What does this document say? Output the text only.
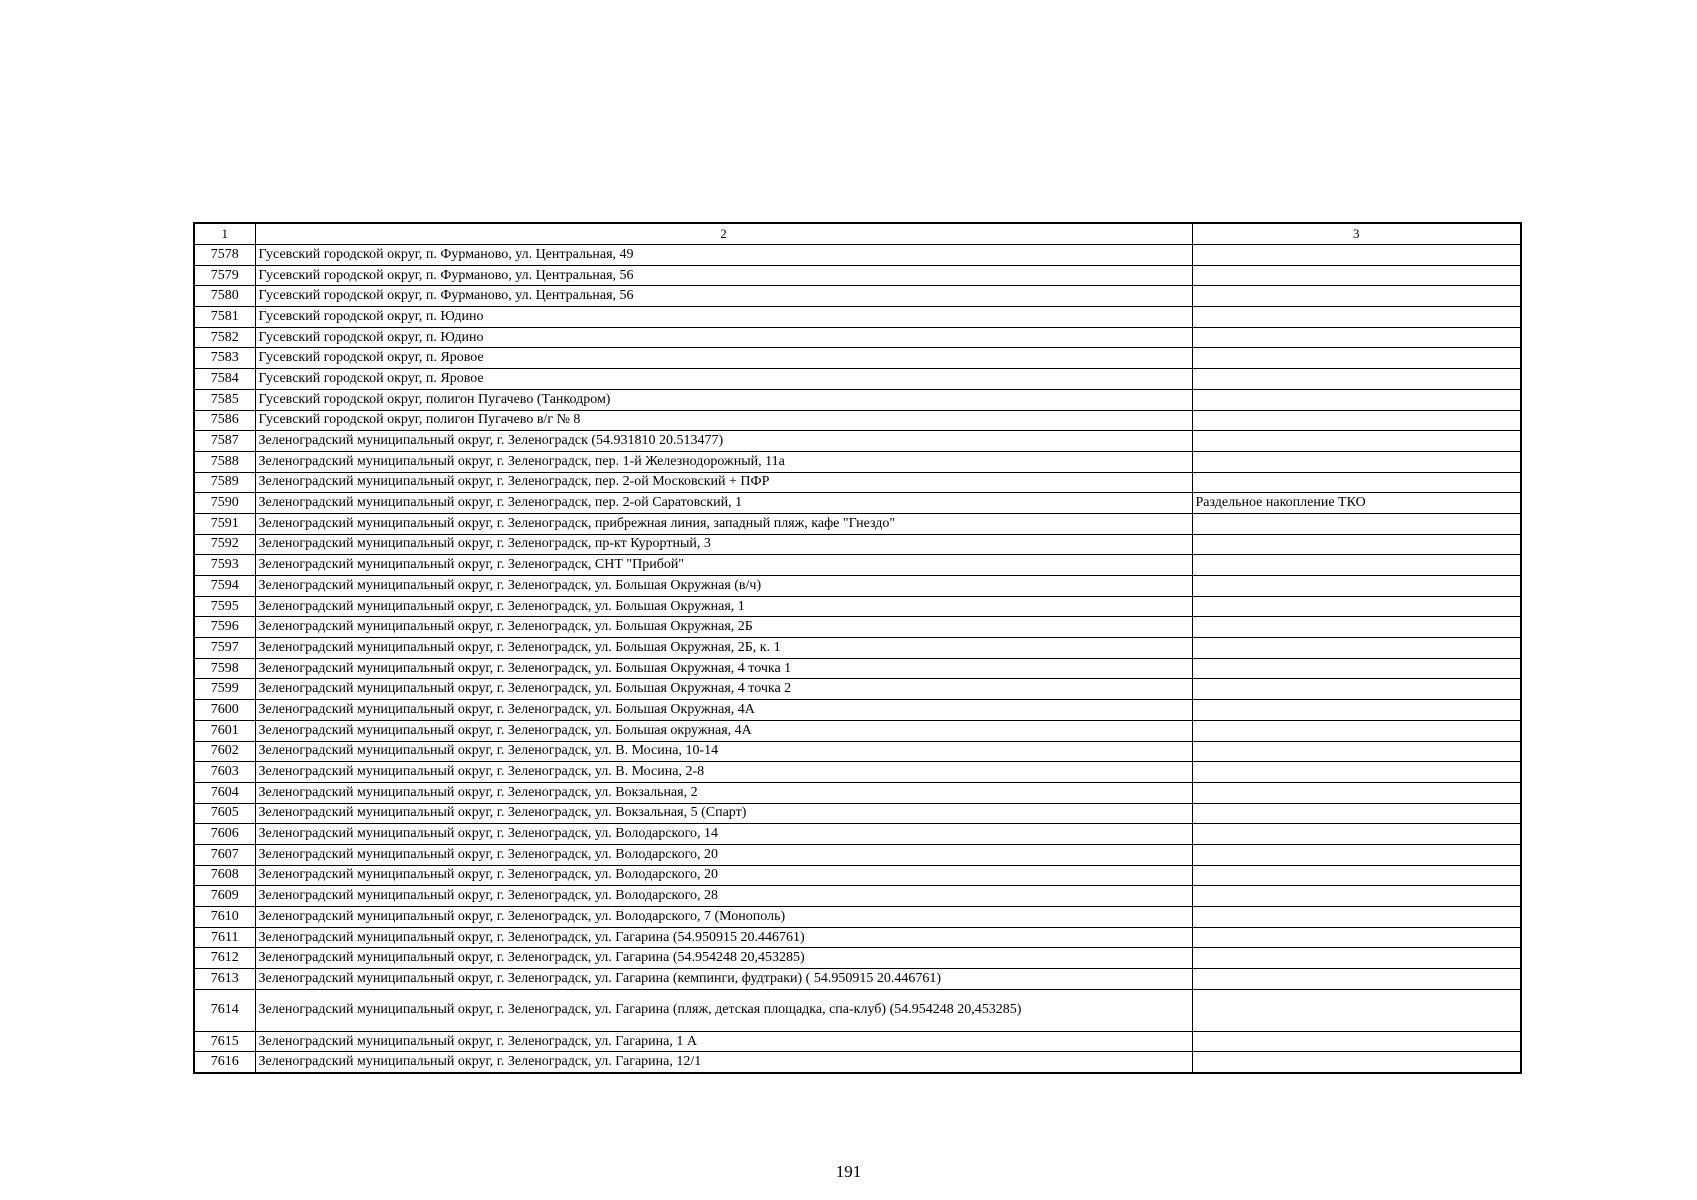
1	2	3
7578	Гусевский городской округ, п. Фурманово, ул. Центральная, 49	
7579	Гусевский городской округ, п. Фурманово, ул. Центральная, 56	
7580	Гусевский городской округ, п. Фурманово, ул. Центральная, 56	
7581	Гусевский городской округ, п. Юдино	
7582	Гусевский городской округ, п. Юдино	
7583	Гусевский городской округ, п. Яровое	
7584	Гусевский городской округ, п. Яровое	
7585	Гусевский городской округ, полигон Пугачево (Танкодром)	
7586	Гусевский городской округ, полигон Пугачево в/г № 8	
7587	Зеленоградский муниципальный округ, г. Зеленоградск (54.931810 20.513477)	
7588	Зеленоградский муниципальный округ, г. Зеленоградск, пер. 1-й Железнодорожный, 11а	
7589	Зеленоградский муниципальный округ, г. Зеленоградск, пер. 2-ой Московский + ПФР	
7590	Зеленоградский муниципальный округ, г. Зеленоградск, пер. 2-ой Саратовский, 1	Раздельное накопление ТКО
7591	Зеленоградский муниципальный округ, г. Зеленоградск, прибрежная линия, западный пляж, кафе "Гнездо"	
7592	Зеленоградский муниципальный округ, г. Зеленоградск, пр-кт Курортный, 3	
7593	Зеленоградский муниципальный округ, г. Зеленоградск, СНТ "Прибой"	
7594	Зеленоградский муниципальный округ, г. Зеленоградск, ул. Большая Окружная (в/ч)	
7595	Зеленоградский муниципальный округ, г. Зеленоградск, ул. Большая Окружная, 1	
7596	Зеленоградский муниципальный округ, г. Зеленоградск, ул. Большая Окружная, 2Б	
7597	Зеленоградский муниципальный округ, г. Зеленоградск, ул. Большая Окружная, 2Б, к. 1	
7598	Зеленоградский муниципальный округ, г. Зеленоградск, ул. Большая Окружная, 4 точка 1	
7599	Зеленоградский муниципальный округ, г. Зеленоградск, ул. Большая Окружная, 4 точка 2	
7600	Зеленоградский муниципальный округ, г. Зеленоградск, ул. Большая Окружная, 4А	
7601	Зеленоградский муниципальный округ, г. Зеленоградск, ул. Большая окружная, 4А	
7602	Зеленоградский муниципальный округ, г. Зеленоградск, ул. В. Мосина, 10-14	
7603	Зеленоградский муниципальный округ, г. Зеленоградск, ул. В. Мосина, 2-8	
7604	Зеленоградский муниципальный округ, г. Зеленоградск, ул. Вокзальная, 2	
7605	Зеленоградский муниципальный округ, г. Зеленоградск, ул. Вокзальная, 5 (Спарт)	
7606	Зеленоградский муниципальный округ, г. Зеленоградск, ул. Володарского, 14	
7607	Зеленоградский муниципальный округ, г. Зеленоградск, ул. Володарского, 20	
7608	Зеленоградский муниципальный округ, г. Зеленоградск, ул. Володарского, 20	
7609	Зеленоградский муниципальный округ, г. Зеленоградск, ул. Володарского, 28	
7610	Зеленоградский муниципальный округ, г. Зеленоградск, ул. Володарского, 7 (Монополь)	
7611	Зеленоградский муниципальный округ, г. Зеленоградск, ул. Гагарина (54.950915 20.446761)	
7612	Зеленоградский муниципальный округ, г. Зеленоградск, ул. Гагарина (54.954248 20,453285)	
7613	Зеленоградский муниципальный округ, г. Зеленоградск, ул. Гагарина (кемпинги, фудтраки) ( 54.950915 20.446761)	
7614	Зеленоградский муниципальный округ, г. Зеленоградск, ул. Гагарина (пляж, детская площадка, спа-клуб) (54.954248 20,453285)	
7615	Зеленоградский муниципальный округ, г. Зеленоградск, ул. Гагарина, 1 А	
7616	Зеленоградский муниципальный округ, г. Зеленоградск, ул. Гагарина, 12/1	
191
